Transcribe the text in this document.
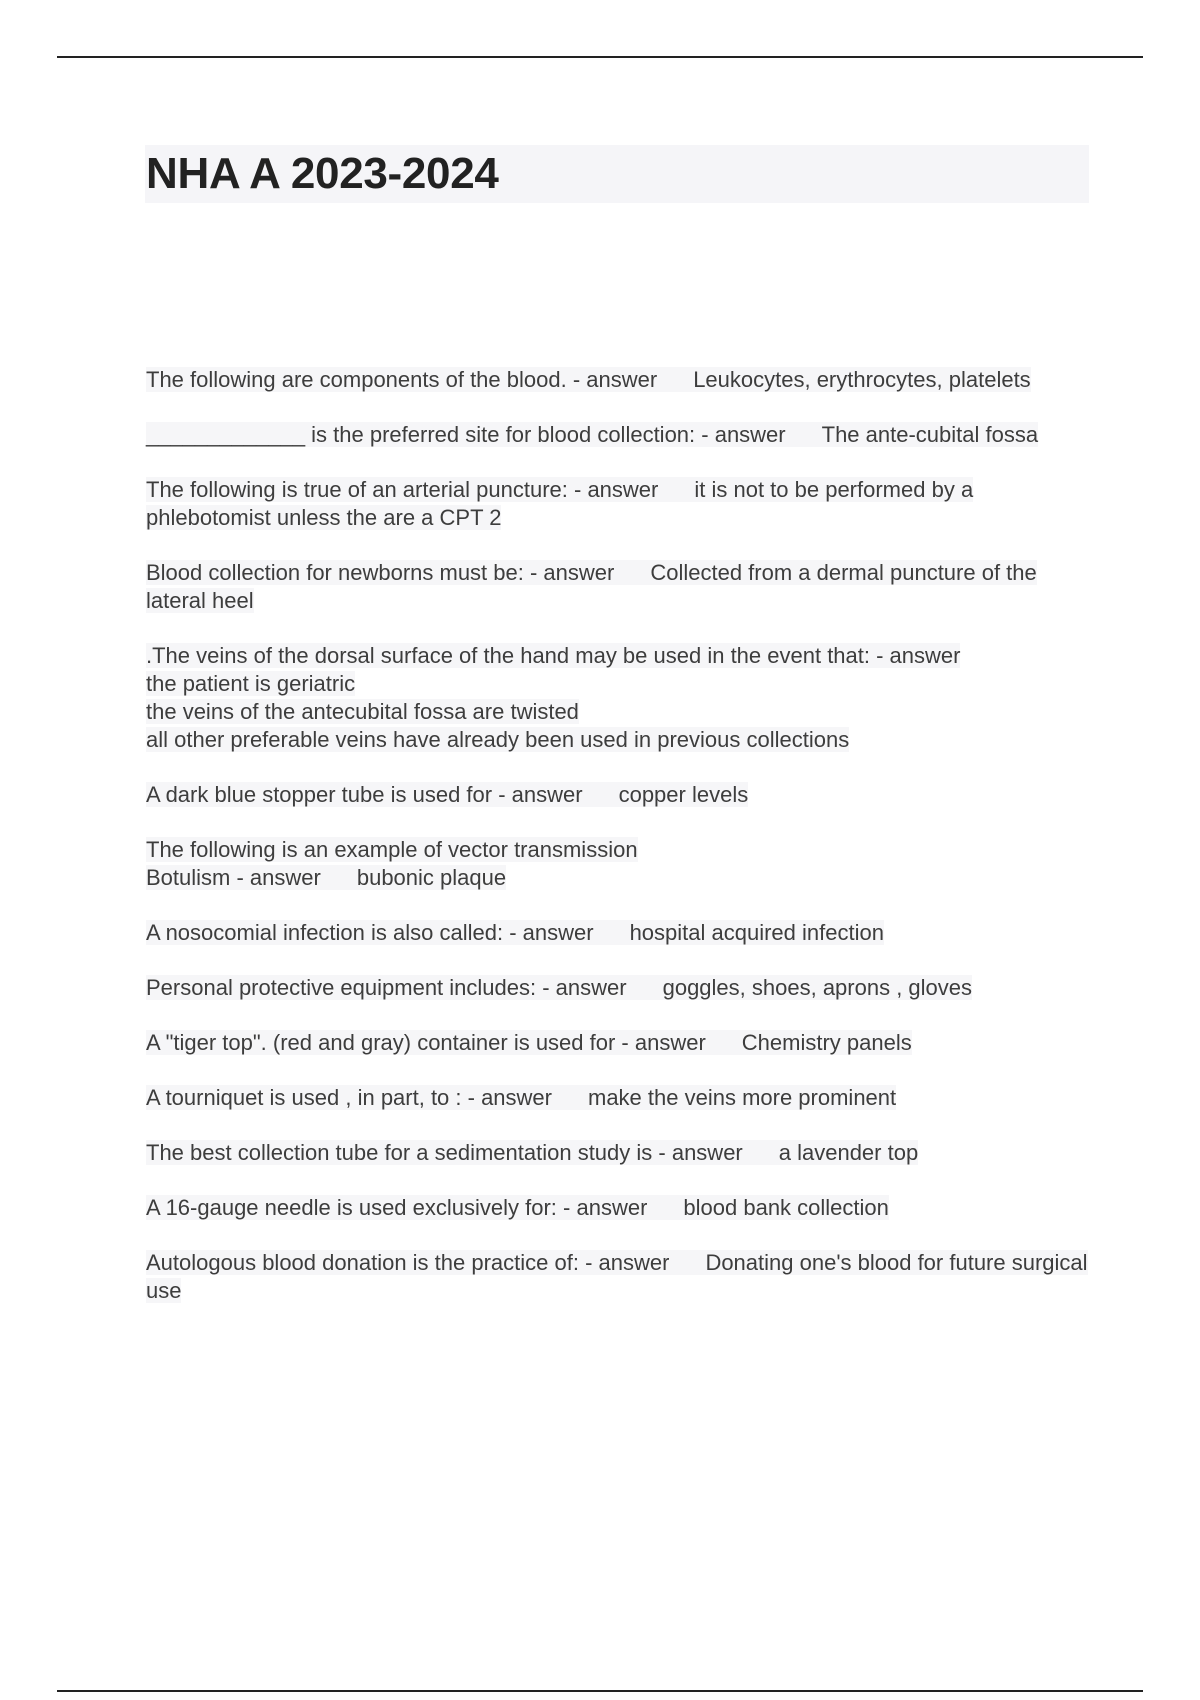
NHA A 2023-2024
The following are components of the blood. - answer Leukocytes, erythrocytes, platelets
_____________ is the preferred site for blood collection: - answer The ante-cubital fossa
The following is true of an arterial puncture: - answer it is not to be performed by a phlebotomist unless the are a CPT 2
Blood collection for newborns must be: - answer Collected from a dermal puncture of the lateral heel
.The veins of the dorsal surface of the hand may be used in the event that: - answer
the patient is geriatric
the veins of the antecubital fossa are twisted
all other preferable veins have already been used in previous collections
A dark blue stopper tube is used for - answer copper levels
The following is an example of vector transmission
Botulism - answer bubonic plaque
A nosocomial infection is also called: - answer hospital acquired infection
Personal protective equipment includes: - answer goggles, shoes, aprons , gloves
A "tiger top". (red and gray) container is used for - answer Chemistry panels
A tourniquet is used , in part, to : - answer make the veins more prominent
The best collection tube for a sedimentation study is - answer a lavender top
A 16-gauge needle is used exclusively for: - answer blood bank collection
Autologous blood donation is the practice of: - answer Donating one's blood for future surgical use
